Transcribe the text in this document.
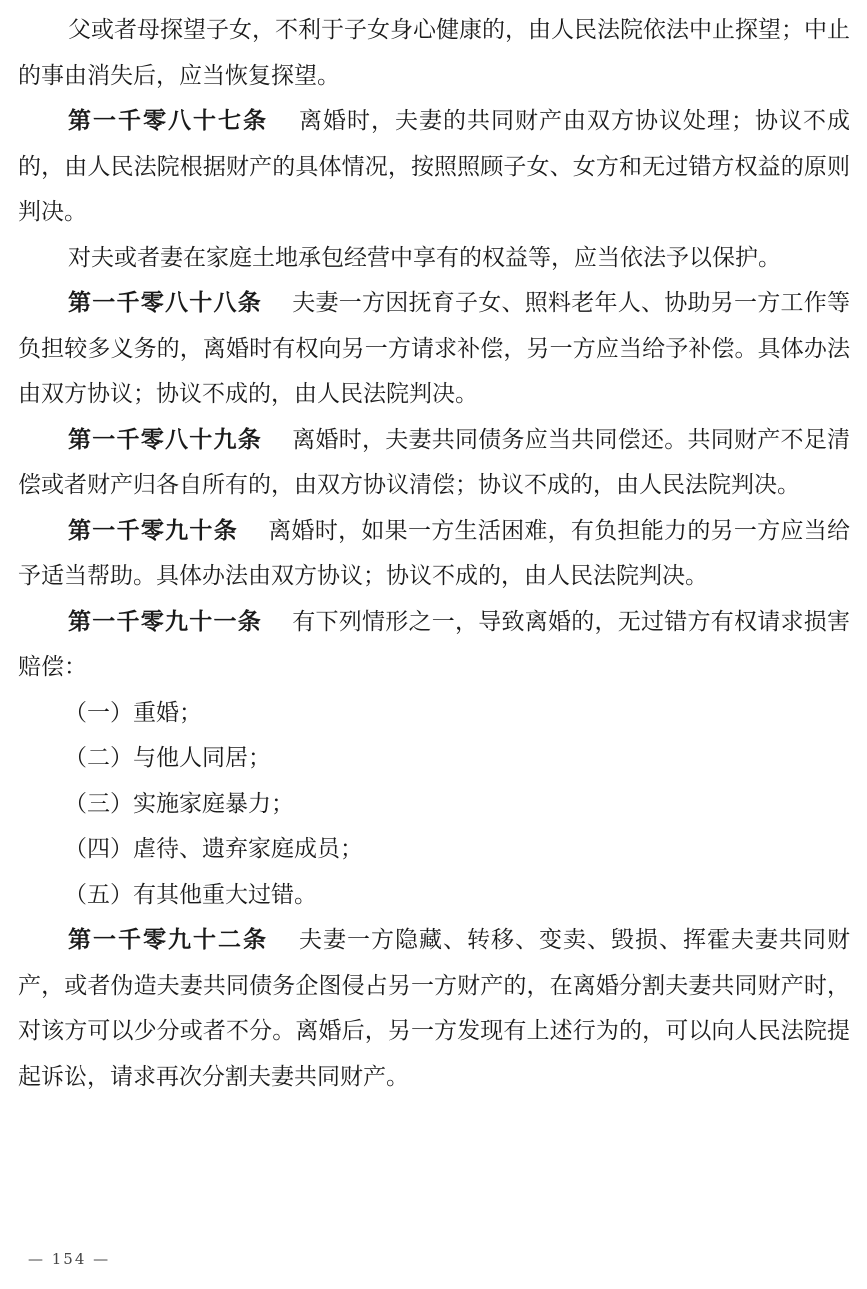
父或者母探望子女，不利于子女身心健康的，由人民法院依法中止探望；中止的事由消失后，应当恢复探望。

第一千零八十七条 离婚时，夫妻的共同财产由双方协议处理；协议不成的，由人民法院根据财产的具体情况，按照照顾子女、女方和无过错方权益的原则判决。

对夫或者妻在家庭土地承包经营中享有的权益等，应当依法予以保护。

第一千零八十八条 夫妻一方因抚育子女、照料老年人、协助另一方工作等负担较多义务的，离婚时有权向另一方请求补偿，另一方应当给予补偿。具体办法由双方协议；协议不成的，由人民法院判决。

第一千零八十九条 离婚时，夫妻共同债务应当共同偿还。共同财产不足清偿或者财产归各自所有的，由双方协议清偿；协议不成的，由人民法院判决。

第一千零九十条 离婚时，如果一方生活困难，有负担能力的另一方应当给予适当帮助。具体办法由双方协议；协议不成的，由人民法院判决。

第一千零九十一条 有下列情形之一，导致离婚的，无过错方有权请求损害赔偿：

（一）重婚；

（二）与他人同居；

（三）实施家庭暴力；

（四）虐待、遗弃家庭成员；

（五）有其他重大过错。

第一千零九十二条 夫妻一方隐藏、转移、变卖、毁损、挥霍夫妻共同财产，或者伪造夫妻共同债务企图侵占另一方财产的，在离婚分割夫妻共同财产时，对该方可以少分或者不分。离婚后，另一方发现有上述行为的，可以向人民法院提起诉讼，请求再次分割夫妻共同财产。

— 154 —
